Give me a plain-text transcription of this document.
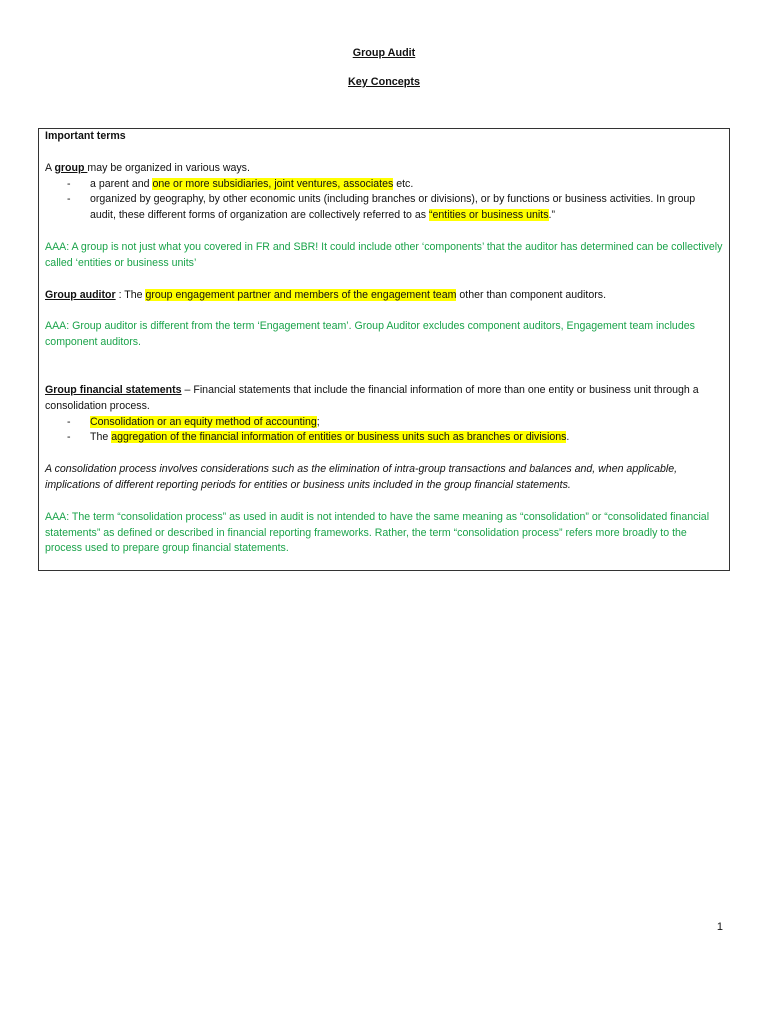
Group Audit
Key Concepts

Important terms

A group may be organized in various ways.

- a parent and one or more subsidiaries, joint ventures, associates etc.
- organized by geography, by other economic units (including branches or divisions), or by functions or business activities. In group audit, these different forms of organization are collectively referred to as “entities or business units.”

AAA: A group is not just what you covered in FR and SBR! It could include other ‘components’ that the auditor has determined can be collectively called ‘entities or business units’

Group auditor : The group engagement partner and members of the engagement team other than component auditors.

AAA: Group auditor is different from the term ‘Engagement team’. Group Auditor excludes component auditors, Engagement team includes component auditors.

Group financial statements – Financial statements that include the financial information of more than one entity or business unit through a consolidation process.

- Consolidation or an equity method of accounting;
- The aggregation of the financial information of entities or business units such as branches or divisions.

A consolidation process involves considerations such as the elimination of intra-group transactions and balances and, when applicable, implications of different reporting periods for entities or business units included in the group financial statements.

AAA: The term “consolidation process” as used in audit is not intended to have the same meaning as “consolidation” or “consolidated financial statements” as defined or described in financial reporting frameworks. Rather, the term “consolidation process” refers more broadly to the process used to prepare group financial statements.

1
